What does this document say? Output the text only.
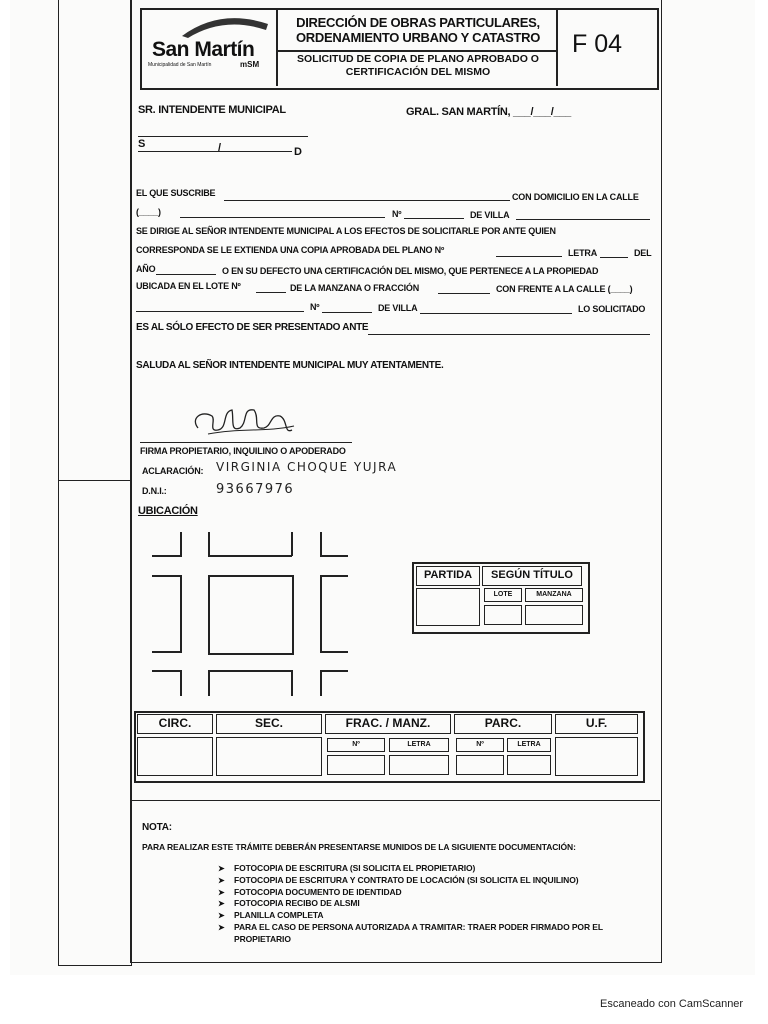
San Martín
Municipalidad de San Martín	mSM
DIRECCIÓN DE OBRAS PARTICULARES, ORDENAMIENTO URBANO Y CATASTRO
SOLICITUD DE COPIA DE PLANO APROBADO O CERTIFICACIÓN DEL MISMO
F 04
SR. INTENDENTE MUNICIPAL	GRAL. SAN MARTÍN, ___/___/___
S	/	D
EL QUE SUSCRIBE	CON DOMICILIO EN LA CALLE
(____)	Nº	DE VILLA
SE DIRIGE AL SEÑOR INTENDENTE MUNICIPAL A LOS EFECTOS DE SOLICITARLE POR ANTE QUIEN
CORRESPONDA SE LE EXTIENDA UNA COPIA APROBADA DEL PLANO Nº	LETRA	DEL
AÑO	O EN SU DEFECTO UNA CERTIFICACIÓN DEL MISMO, QUE PERTENECE A LA PROPIEDAD
UBICADA EN EL LOTE Nº	DE LA MANZANA O FRACCIÓN	CON FRENTE A LA CALLE (____)
Nº	DE VILLA	LO SOLICITADO
ES AL SÓLO EFECTO DE SER PRESENTADO ANTE
SALUDA AL SEÑOR INTENDENTE MUNICIPAL MUY ATENTAMENTE.
FIRMA PROPIETARIO, INQUILINO O APODERADO
ACLARACIÓN: VIRGINIA CHOQUE YUJRA
D.N.I.:	93667976
UBICACIÓN
PARTIDA	SEGÚN TÍTULO
LOTE	MANZANA
CIRC.	SEC.	FRAC. / MANZ.	PARC.	U.F.
Nº	LETRA	Nº	LETRA
NOTA:
PARA REALIZAR ESTE TRÁMITE DEBERÁN PRESENTARSE MUNIDOS DE LA SIGUIENTE DOCUMENTACIÓN:
➤ FOTOCOPIA DE ESCRITURA (SI SOLICITA EL PROPIETARIO)
➤ FOTOCOPIA DE ESCRITURA Y CONTRATO DE LOCACIÓN (SI SOLICITA EL INQUILINO)
➤ FOTOCOPIA DOCUMENTO DE IDENTIDAD
➤ FOTOCOPIA RECIBO DE ALSMI
➤ PLANILLA COMPLETA
➤ PARA EL CASO DE PERSONA AUTORIZADA A TRAMITAR: TRAER PODER FIRMADO POR EL
PROPIETARIO
Escaneado con CamScanner
